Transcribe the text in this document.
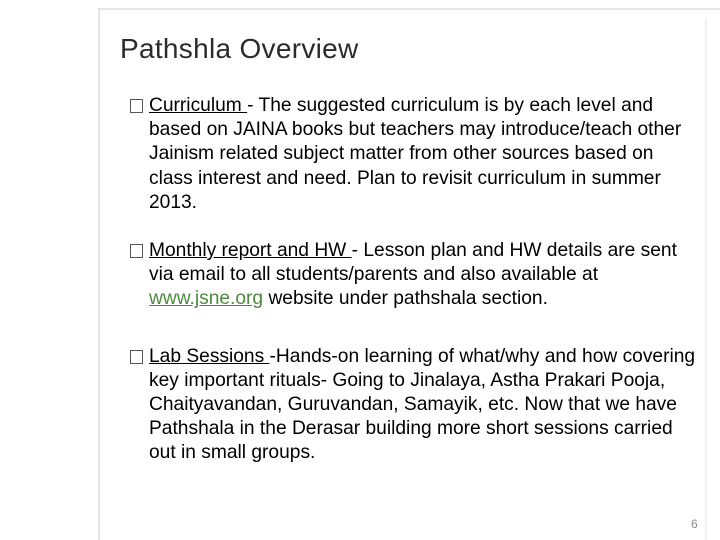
Pathshla Overview
Curriculum - The suggested curriculum is by each level and based on JAINA books but teachers may introduce/teach other Jainism related subject matter from other sources based on class interest and need. Plan to revisit curriculum in summer 2013.
Monthly report and HW - Lesson plan and HW details are sent via email to all students/parents and also available at www.jsne.org website under pathshala section.
Lab Sessions -Hands-on learning of what/why and how covering key important rituals- Going to Jinalaya, Astha Prakari Pooja, Chaityavandan, Guruvandan, Samayik, etc. Now that we have Pathshala in the Derasar building more short sessions carried out in small groups.
6
